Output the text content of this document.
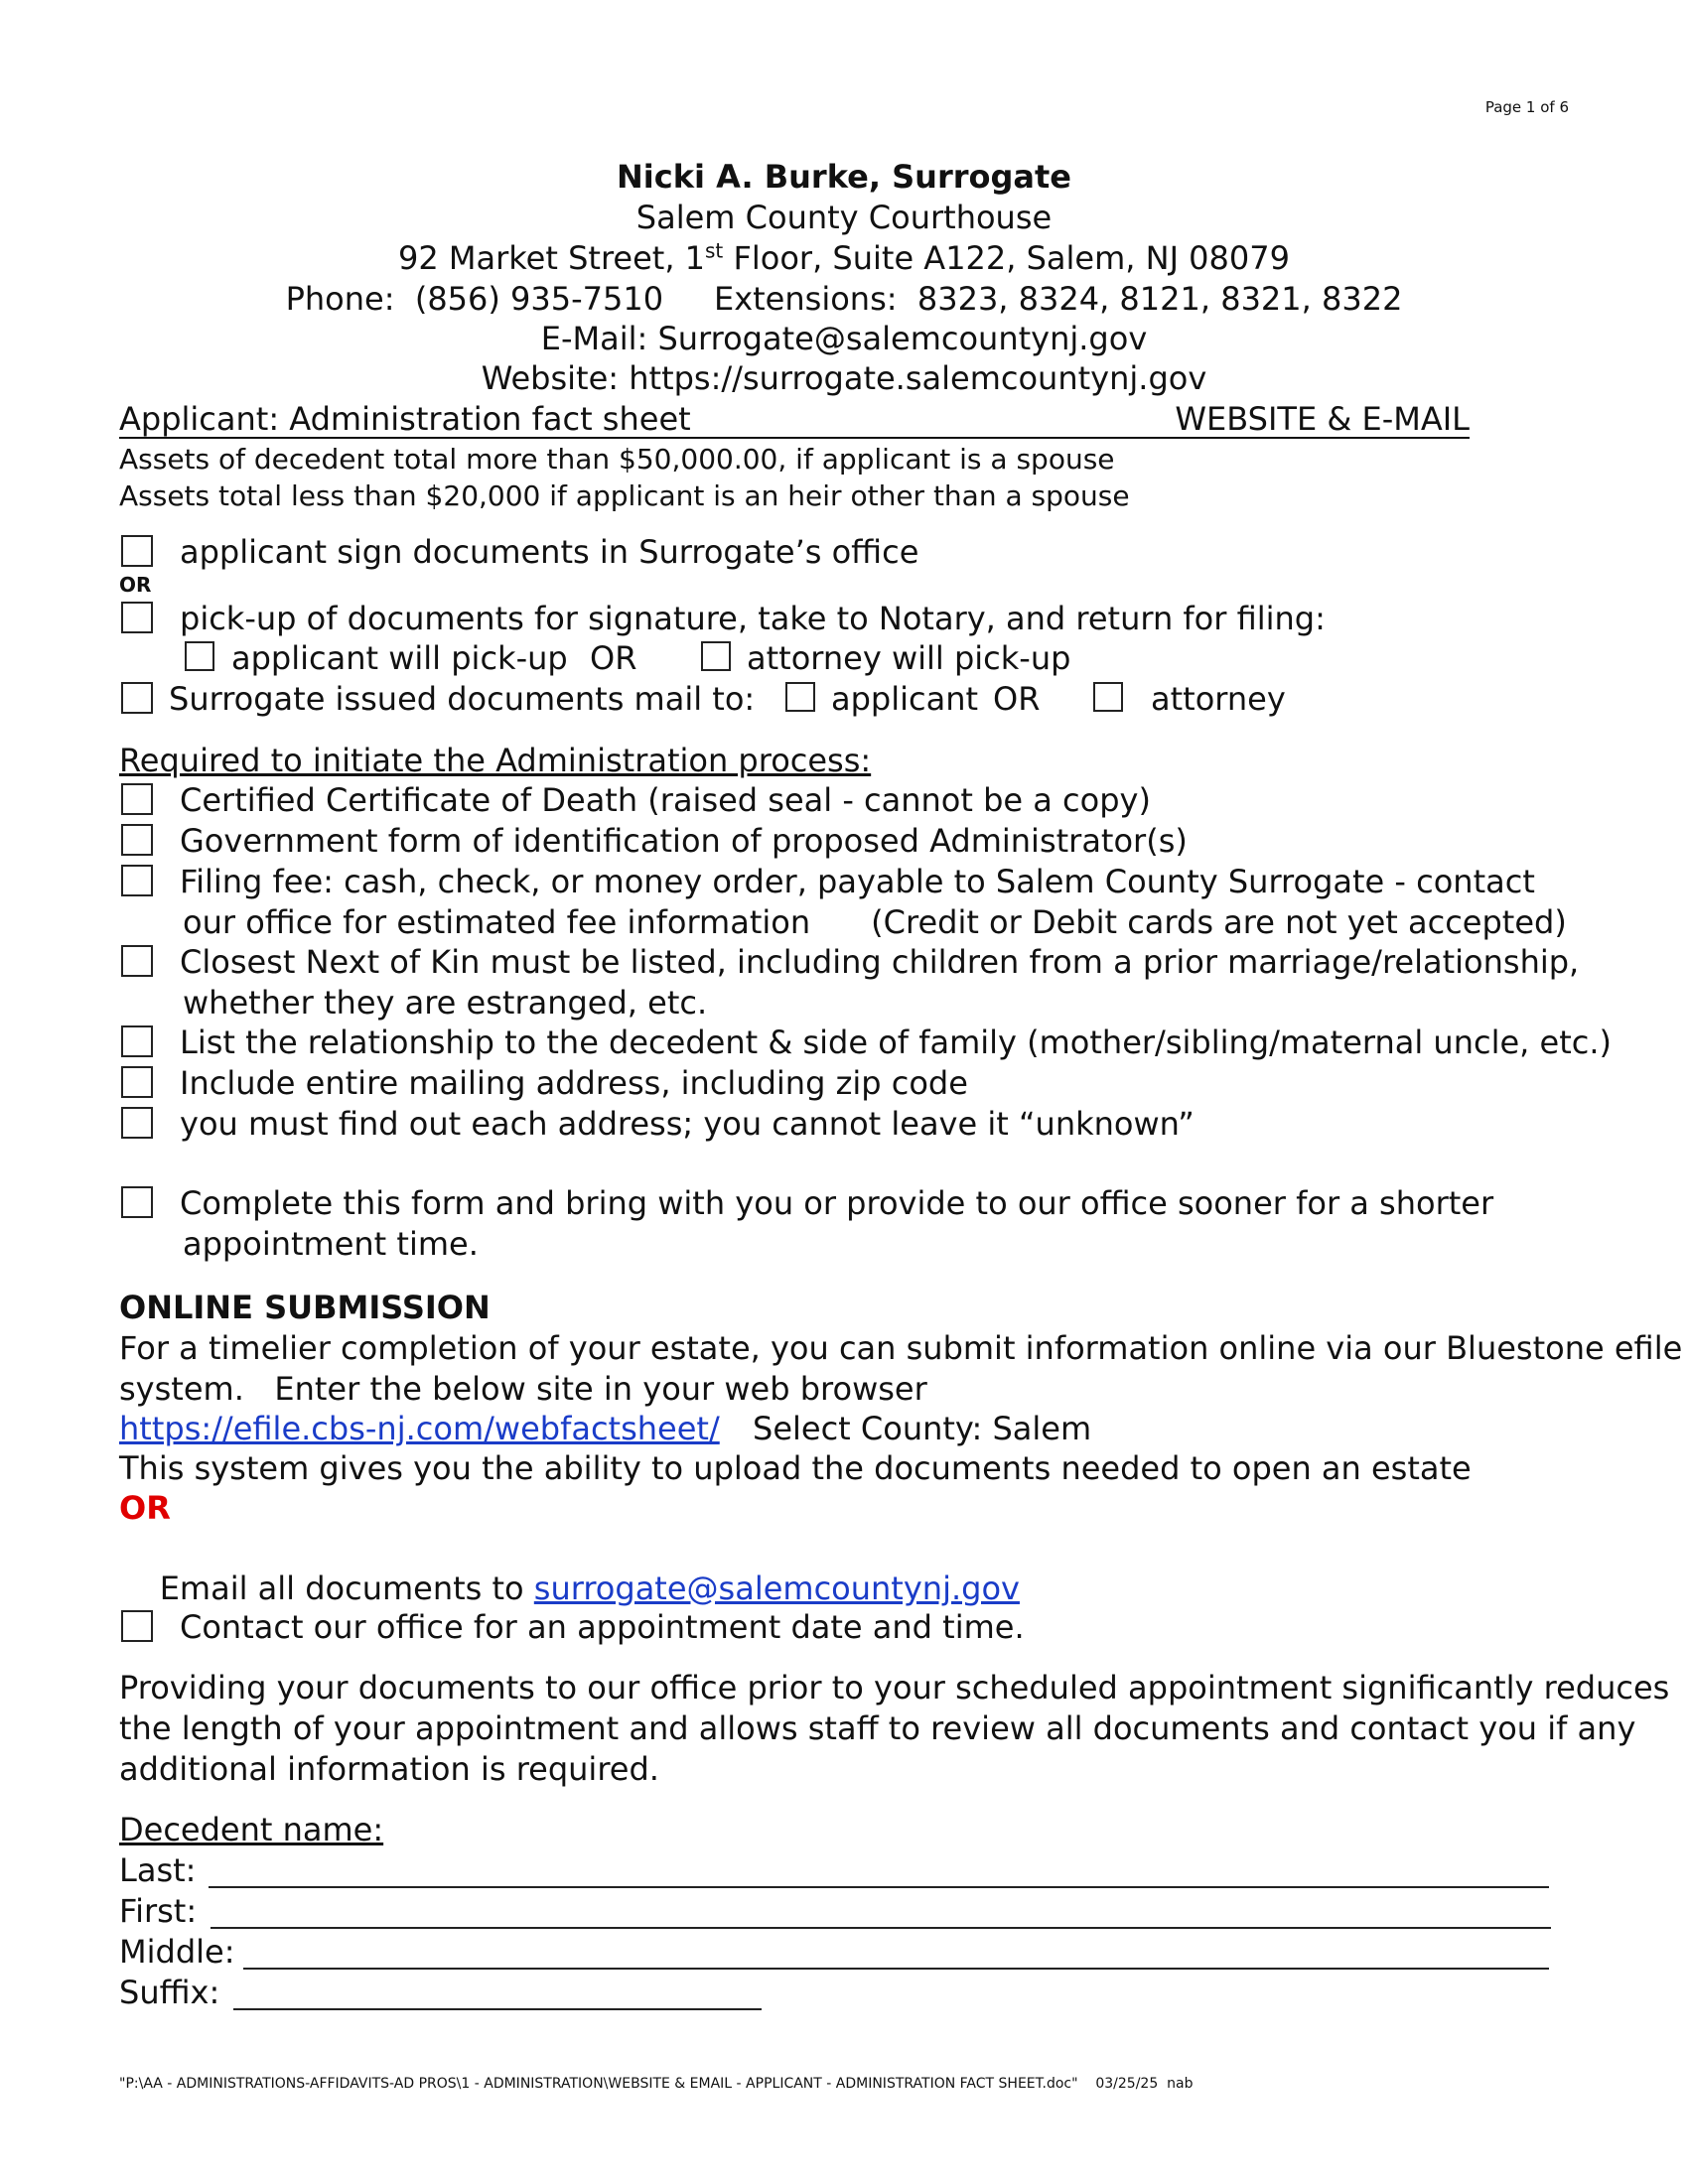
Page 1 of 6
Nicki A. Burke, Surrogate
Salem County Courthouse
92 Market Street, 1st Floor, Suite A122, Salem, NJ 08079
Phone:  (856) 935-7510     Extensions:  8323, 8324, 8121, 8321, 8322
E-Mail: Surrogate@salemcountynj.gov
Website: https://surrogate.salemcountynj.gov
Applicant: Administration fact sheet	WEBSITE & E-MAIL
Assets of decedent total more than $50,000.00, if applicant is a spouse
Assets total less than $20,000 if applicant is an heir other than a spouse
applicant sign documents in Surrogate’s office
OR
pick-up of documents for signature, take to Notary, and return for filing:
applicant will pick-up OR	attorney will pick-up
Surrogate issued documents mail to: applicant OR	attorney
Required to initiate the Administration process:
Certified Certificate of Death (raised seal - cannot be a copy)
Government form of identification of proposed Administrator(s)
Filing fee: cash, check, or money order, payable to Salem County Surrogate - contact
our office for estimated fee information      (Credit or Debit cards are not yet accepted)
Closest Next of Kin must be listed, including children from a prior marriage/relationship,
whether they are estranged, etc.
List the relationship to the decedent & side of family (mother/sibling/maternal uncle, etc.)
Include entire mailing address, including zip code
you must find out each address; you cannot leave it “unknown”
Complete this form and bring with you or provide to our office sooner for a shorter
appointment time.
ONLINE SUBMISSION
For a timelier completion of your estate, you can submit information online via our Bluestone efile
system.   Enter the below site in your web browser
https://efile.cbs-nj.com/webfactsheet/ Select County: Salem
This system gives you the ability to upload the documents needed to open an estate
OR

Email all documents to surrogate@salemcountynj.gov

Contact our office for an appointment date and time.
Providing your documents to our office prior to your scheduled appointment significantly reduces
the length of your appointment and allows staff to review all documents and contact you if any
additional information is required.
Decedent name:
Last:
First:
Middle:
Suffix:
"P:\AA - ADMINISTRATIONS-AFFIDAVITS-AD PROS\1 - ADMINISTRATION\WEBSITE & EMAIL - APPLICANT - ADMINISTRATION FACT SHEET.doc"    03/25/25  nab
